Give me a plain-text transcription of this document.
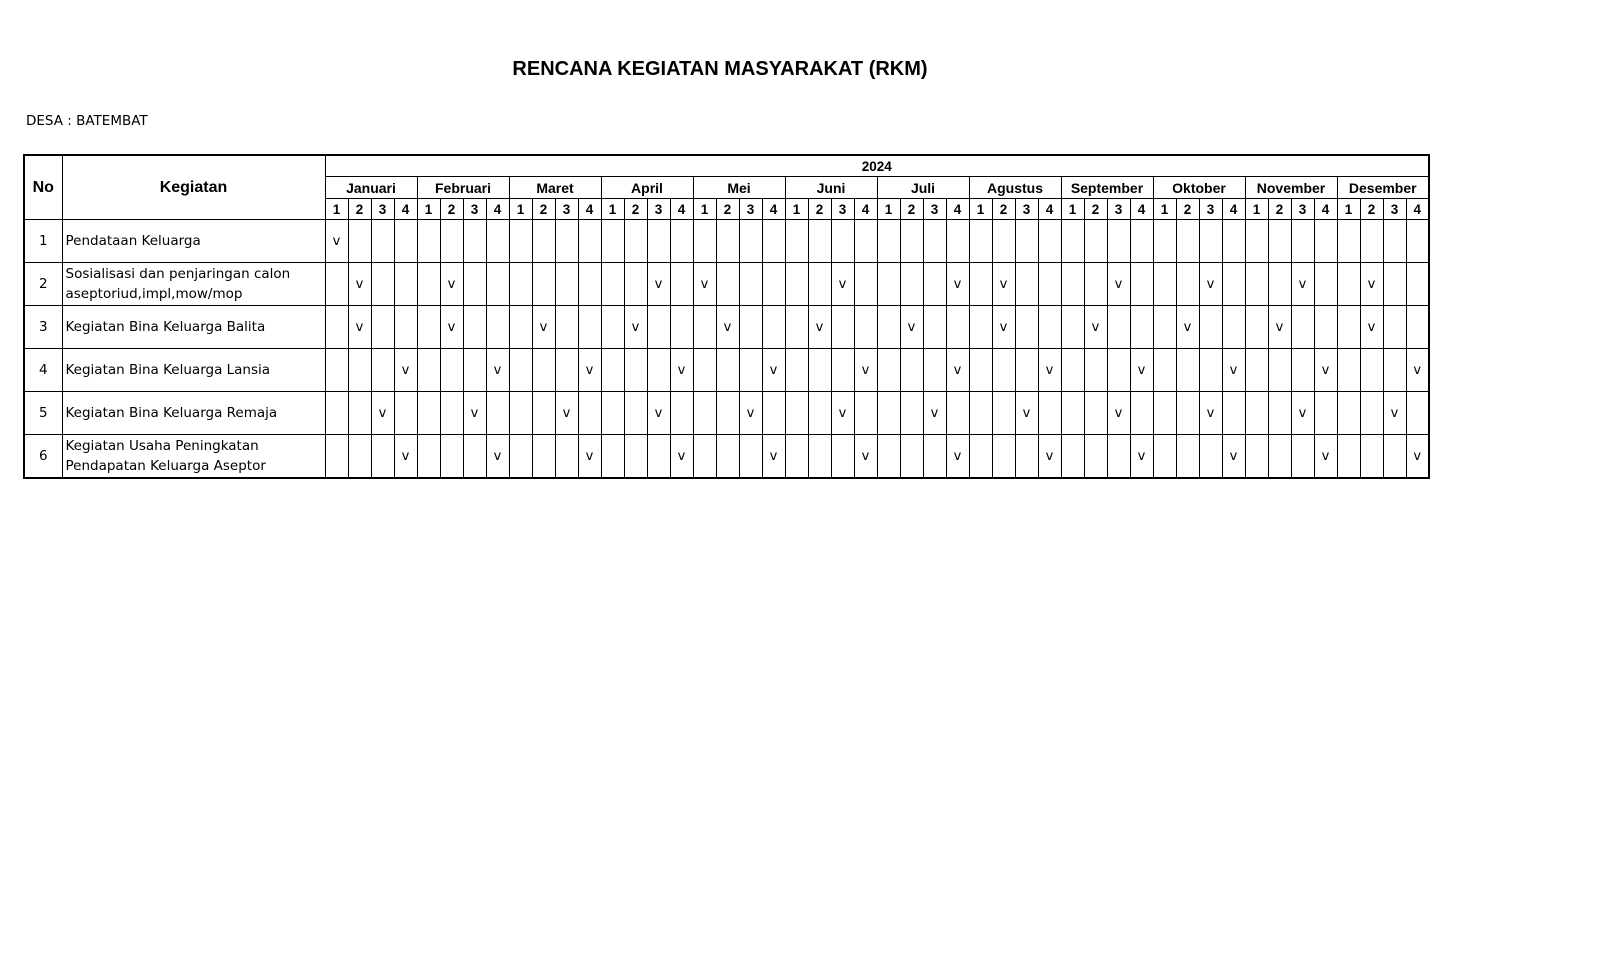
RENCANA KEGIATAN MASYARAKAT (RKM)
DESA : BATEMBAT
No	Kegiatan	2024																																															
		Januari				Februari				Maret				April				Mei				Juni				Juli				Agustus				September				Oktober				November				Desember			
		1	2	3	4	1	2	3	4	1	2	3	4	1	2	3	4	1	2	3	4	1	2	3	4	1	2	3	4	1	2	3	4	1	2	3	4	1	2	3	4	1	2	3	4	1	2	3	4
1	Pendataan Keluarga	v																																															
2	Sosialisasi dan penjaringan calon aseptoriud,impl,mow/mop		v				v									v		v						v					v		v					v				v				v			v		
3	Kegiatan Bina Keluarga Balita		v				v				v				v				v				v				v				v				v				v				v				v		
4	Kegiatan Bina Keluarga Lansia				v				v				v				v				v				v				v				v				v				v				v				v
5	Kegiatan Bina Keluarga Remaja			v				v				v				v				v				v				v				v				v				v				v				v	
6	Kegiatan Usaha Peningkatan Pendapatan Keluarga Aseptor				v				v				v				v				v				v				v				v				v				v				v				v
